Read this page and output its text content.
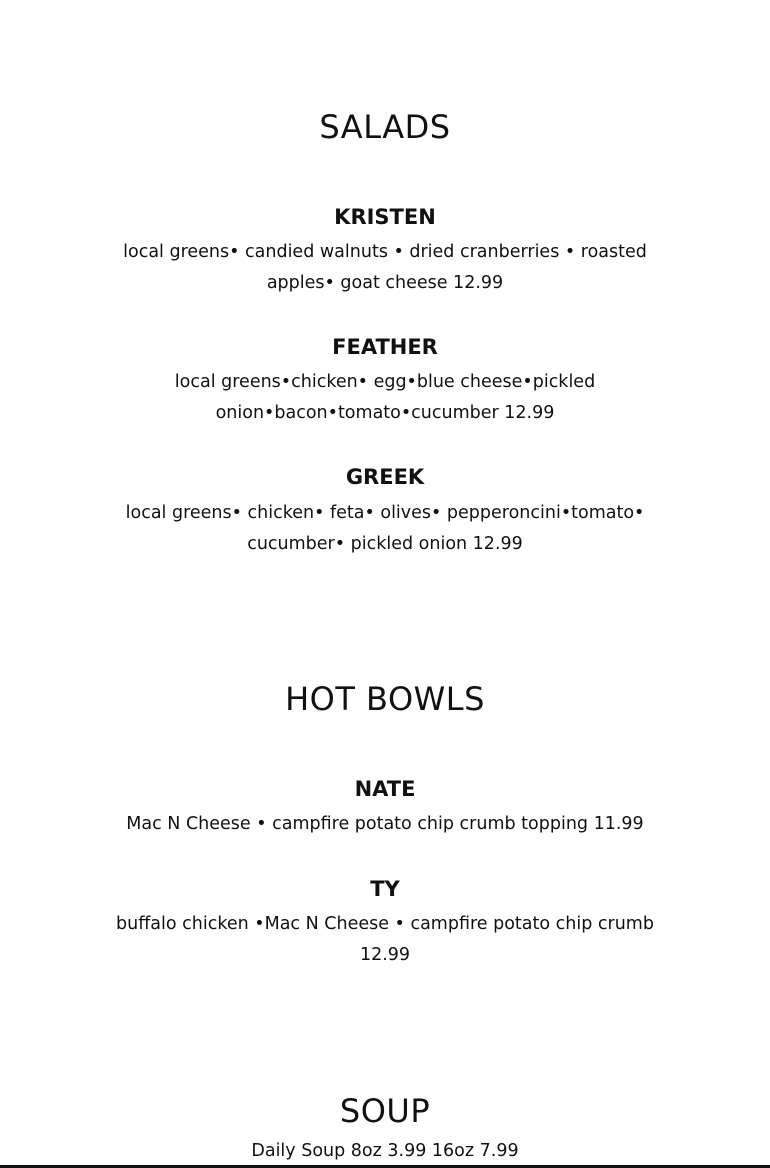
SALADS
KRISTEN

local greens• candied walnuts • dried cranberries • roasted apples• goat cheese 12.99

FEATHER

local greens•chicken• egg•blue cheese•pickled onion•bacon•tomato•cucumber 12.99

GREEK

local greens• chicken• feta• olives• pepperoncini•tomato• cucumber• pickled onion 12.99

HOT BOWLS
NATE

Mac N Cheese • campfire potato chip crumb topping 11.99

TY

buffalo chicken •Mac N Cheese • campfire potato chip crumb 12.99

SOUP

Daily Soup 8oz 3.99 16oz 7.99
